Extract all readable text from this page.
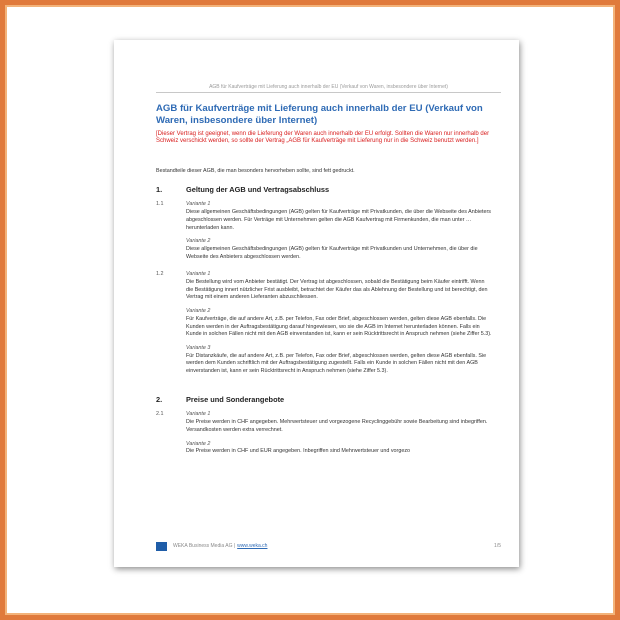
AGB für Kaufverträge mit Lieferung auch innerhalb der EU (Verkauf von Waren, insbesondere über Internet)
AGB für Kaufverträge mit Lieferung auch innerhalb der EU (Verkauf von Waren, insbesondere über Internet)
[Dieser Vertrag ist geeignet, wenn die Lieferung der Waren auch innerhalb der EU erfolgt. Sollten die Waren nur innerhalb der Schweiz verschickt werden, so sollte der Vertrag „AGB für Kaufverträge mit Lieferung nur in die Schweiz benutzt werden.]
Bestandteile dieser AGB, die man besonders hervorheben sollte, sind fett gedruckt.
1.	Geltung der AGB und Vertragsabschluss
1.1	Variante 1
Diese allgemeinen Geschäftsbedingungen (AGB) gelten für Kaufverträge mit Privatkunden, die über die Webseite des Anbieters abgeschlossen werden. Für Verträge mit Unternehmen gelten die AGB Kaufvertrag mit Firmenkunden, die man unter … herunterladen kann.
Variante 2
Diese allgemeinen Geschäftsbedingungen (AGB) gelten für Kaufverträge mit Privatkunden und Unternehmen, die über die Webseite des Anbieters abgeschlossen werden.
1.2	Variante 1
Die Bestellung wird vom Anbieter bestätigt. Der Vertrag ist abgeschlossen, sobald die Bestätigung beim Käufer eintrifft. Wenn die Bestätigung innert nützlicher Frist ausbleibt, betrachtet der Käufer das als Ablehnung der Bestellung und ist berechtigt, den Vertrag mit einem anderen Lieferanten abzuschliessen.
Variante 2
Für Kaufverträge, die auf andere Art, z.B. per Telefon, Fax oder Brief, abgeschlossen werden, gelten diese AGB ebenfalls. Die Kunden werden in der Auftragsbestätigung darauf hingewiesen, wo sie die AGB im Internet herunterladen können. Falls ein Kunde in solchen Fällen nicht mit den AGB einverstanden ist, kann er sein Rücktrittsrecht in Anspruch nehmen (siehe Ziffer 5.3).
Variante 3
Für Distanzkäufe, die auf andere Art, z.B. per Telefon, Fax oder Brief, abgeschlossen werden, gelten diese AGB ebenfalls. Sie werden dem Kunden schriftlich mit der Auftragsbestätigung zugestellt. Falls ein Kunde in solchen Fällen nicht mit den AGB einverstanden ist, kann er sein Rücktrittsrecht in Anspruch nehmen (siehe Ziffer 5.3).
2.	Preise und Sonderangebote
2.1	Variante 1
Die Preise werden in CHF angegeben. Mehrwertsteuer und vorgezogene Recyclinggebühr sowie Bearbeitung sind inbegriffen. Versandkosten werden extra verrechnet.
Variante 2
Die Preise werden in CHF und EUR angegeben. Inbegriffen sind Mehrwertsteuer und vorgezo
WEKA Business Media AG | www.weka.ch	1/5
